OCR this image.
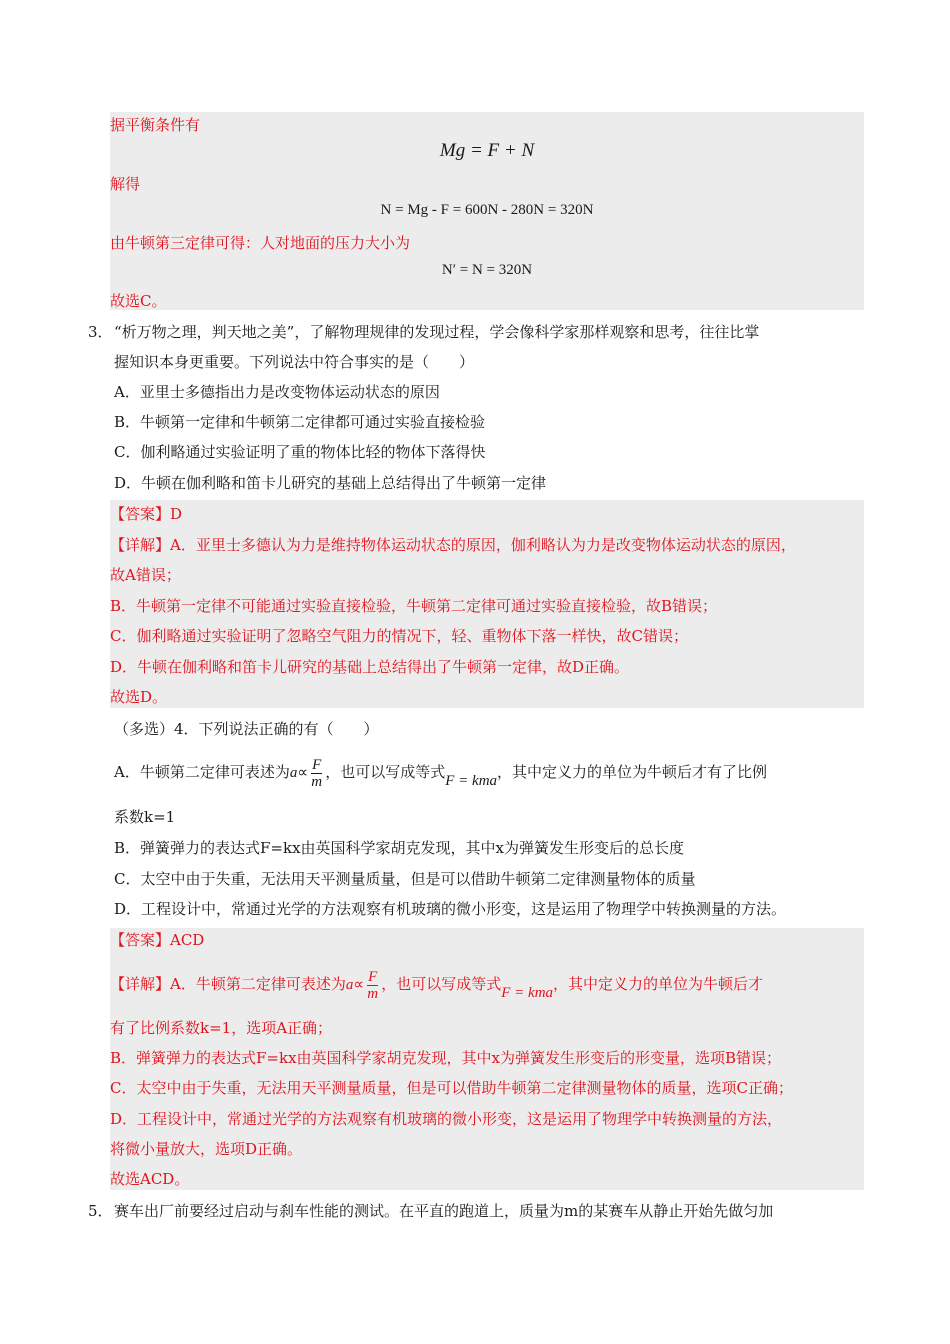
据平衡条件有
Mg = F + N
解得
N = Mg - F = 600N - 280N = 320N
由牛顿第三定律可得：人对地面的压力大小为
N′ = N = 320N
故选C。
3． “析万物之理，判天地之美”，了解物理规律的发现过程，学会像科学家那样观察和思考，往往比掌
握知识本身更重要。下列说法中符合事实的是（　　）
A．亚里士多德指出力是改变物体运动状态的原因
B．牛顿第一定律和牛顿第二定律都可通过实验直接检验
C．伽利略通过实验证明了重的物体比轻的物体下落得快
D．牛顿在伽利略和笛卡儿研究的基础上总结得出了牛顿第一定律
【答案】D
【详解】A．亚里士多德认为力是维持物体运动状态的原因，伽利略认为力是改变物体运动状态的原因，
故A错误；
B．牛顿第一定律不可能通过实验直接检验，牛顿第二定律可通过实验直接检验，故B错误；
C．伽利略通过实验证明了忽略空气阻力的情况下，轻、重物体下落一样快，故C错误；
D．牛顿在伽利略和笛卡儿研究的基础上总结得出了牛顿第一定律，故D正确。
故选D。
（多选）4．下列说法正确的有（　　）
A．牛顿第二定律可表述为$a\propto \frac{F}{m}$ ，也可以写成等式F = kma，其中定义力的单位为牛顿后才有了比例
系数k=1
B．弹簧弹力的表达式F=kx由英国科学家胡克发现，其中x为弹簧发生形变后的总长度
C．太空中由于失重，无法用天平测量质量，但是可以借助牛顿第二定律测量物体的质量
D．工程设计中，常通过光学的方法观察有机玻璃的微小形变，这是运用了物理学中转换测量的方法。
【答案】ACD
【详解】A．牛顿第二定律可表述为$a\propto \frac{F}{m}$ ，也可以写成等式F = kma，其中定义力的单位为牛顿后才
有了比例系数k=1，选项A正确；
B．弹簧弹力的表达式F=kx由英国科学家胡克发现，其中x为弹簧发生形变后的形变量，选项B错误；
C．太空中由于失重，无法用天平测量质量，但是可以借助牛顿第二定律测量物体的质量，选项C正确；
D．工程设计中，常通过光学的方法观察有机玻璃的微小形变，这是运用了物理学中转换测量的方法，
将微小量放大，选项D正确。
故选ACD。
5． 赛车出厂前要经过启动与刹车性能的测试。在平直的跑道上，质量为m的某赛车从静止开始先做匀加
